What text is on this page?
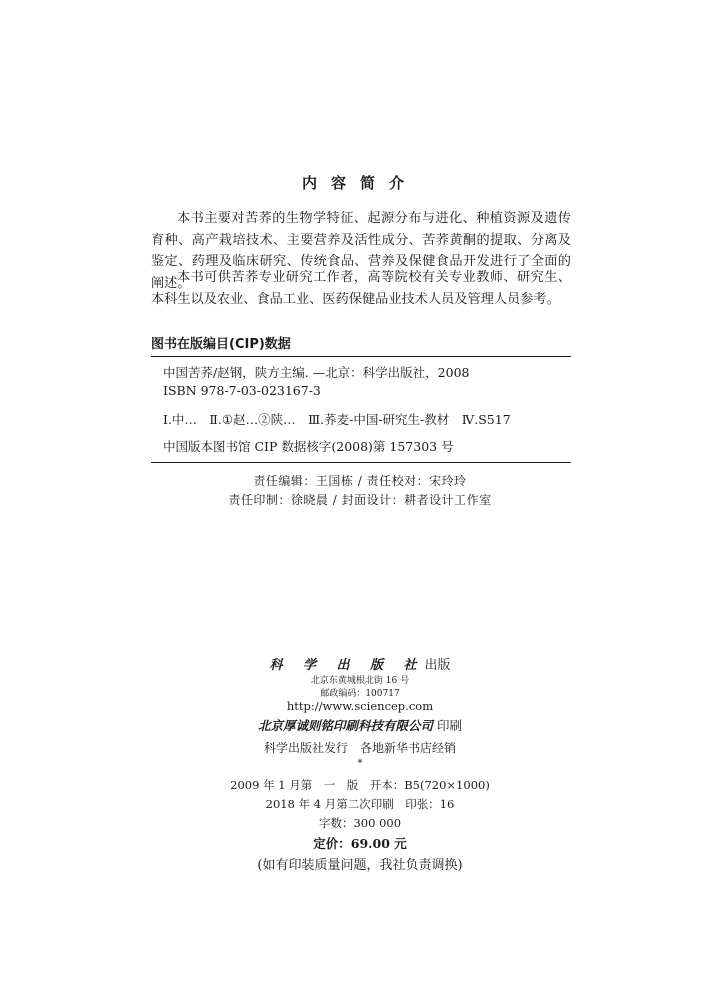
内容简介

本书主要对苦荞的生物学特征、起源分布与进化、种植资源及遗传育种、高产栽培技术、主要营养及活性成分、苦荞黄酮的提取、分离及鉴定、药理及临床研究、传统食品、营养及保健食品开发进行了全面的阐述。

本书可供苦荞专业研究工作者，高等院校有关专业教师、研究生、本科生以及农业、食品工业、医药保健品业技术人员及管理人员参考。

图书在版编目(CIP)数据
中国苦荞/赵钢，陕方主编. —北京：科学出版社，2008
ISBN 978-7-03-023167-3
Ⅰ.中…　Ⅱ.①赵…②陕…　Ⅲ.荞麦-中国-研究生-教材　Ⅳ.S517
中国版本图书馆 CIP 数据核字(2008)第 157303 号
责任编辑：王国栋 / 责任校对：宋玲玲
责任印制：徐晓晨 / 封面设计：耕者设计工作室
科 学 出 版 社出版
北京东黄城根北街 16 号
邮政编码：100717
http://www.sciencep.com
北京厚诚则铭印刷科技有限公司 印刷
科学出版社发行　各地新华书店经销
*
2009 年 1 月第　一　版　开本：B5(720×1000)
2018 年 4 月第二次印刷　印张：16
字数：300 000
定价：69.00 元
(如有印装质量问题，我社负责调换)
